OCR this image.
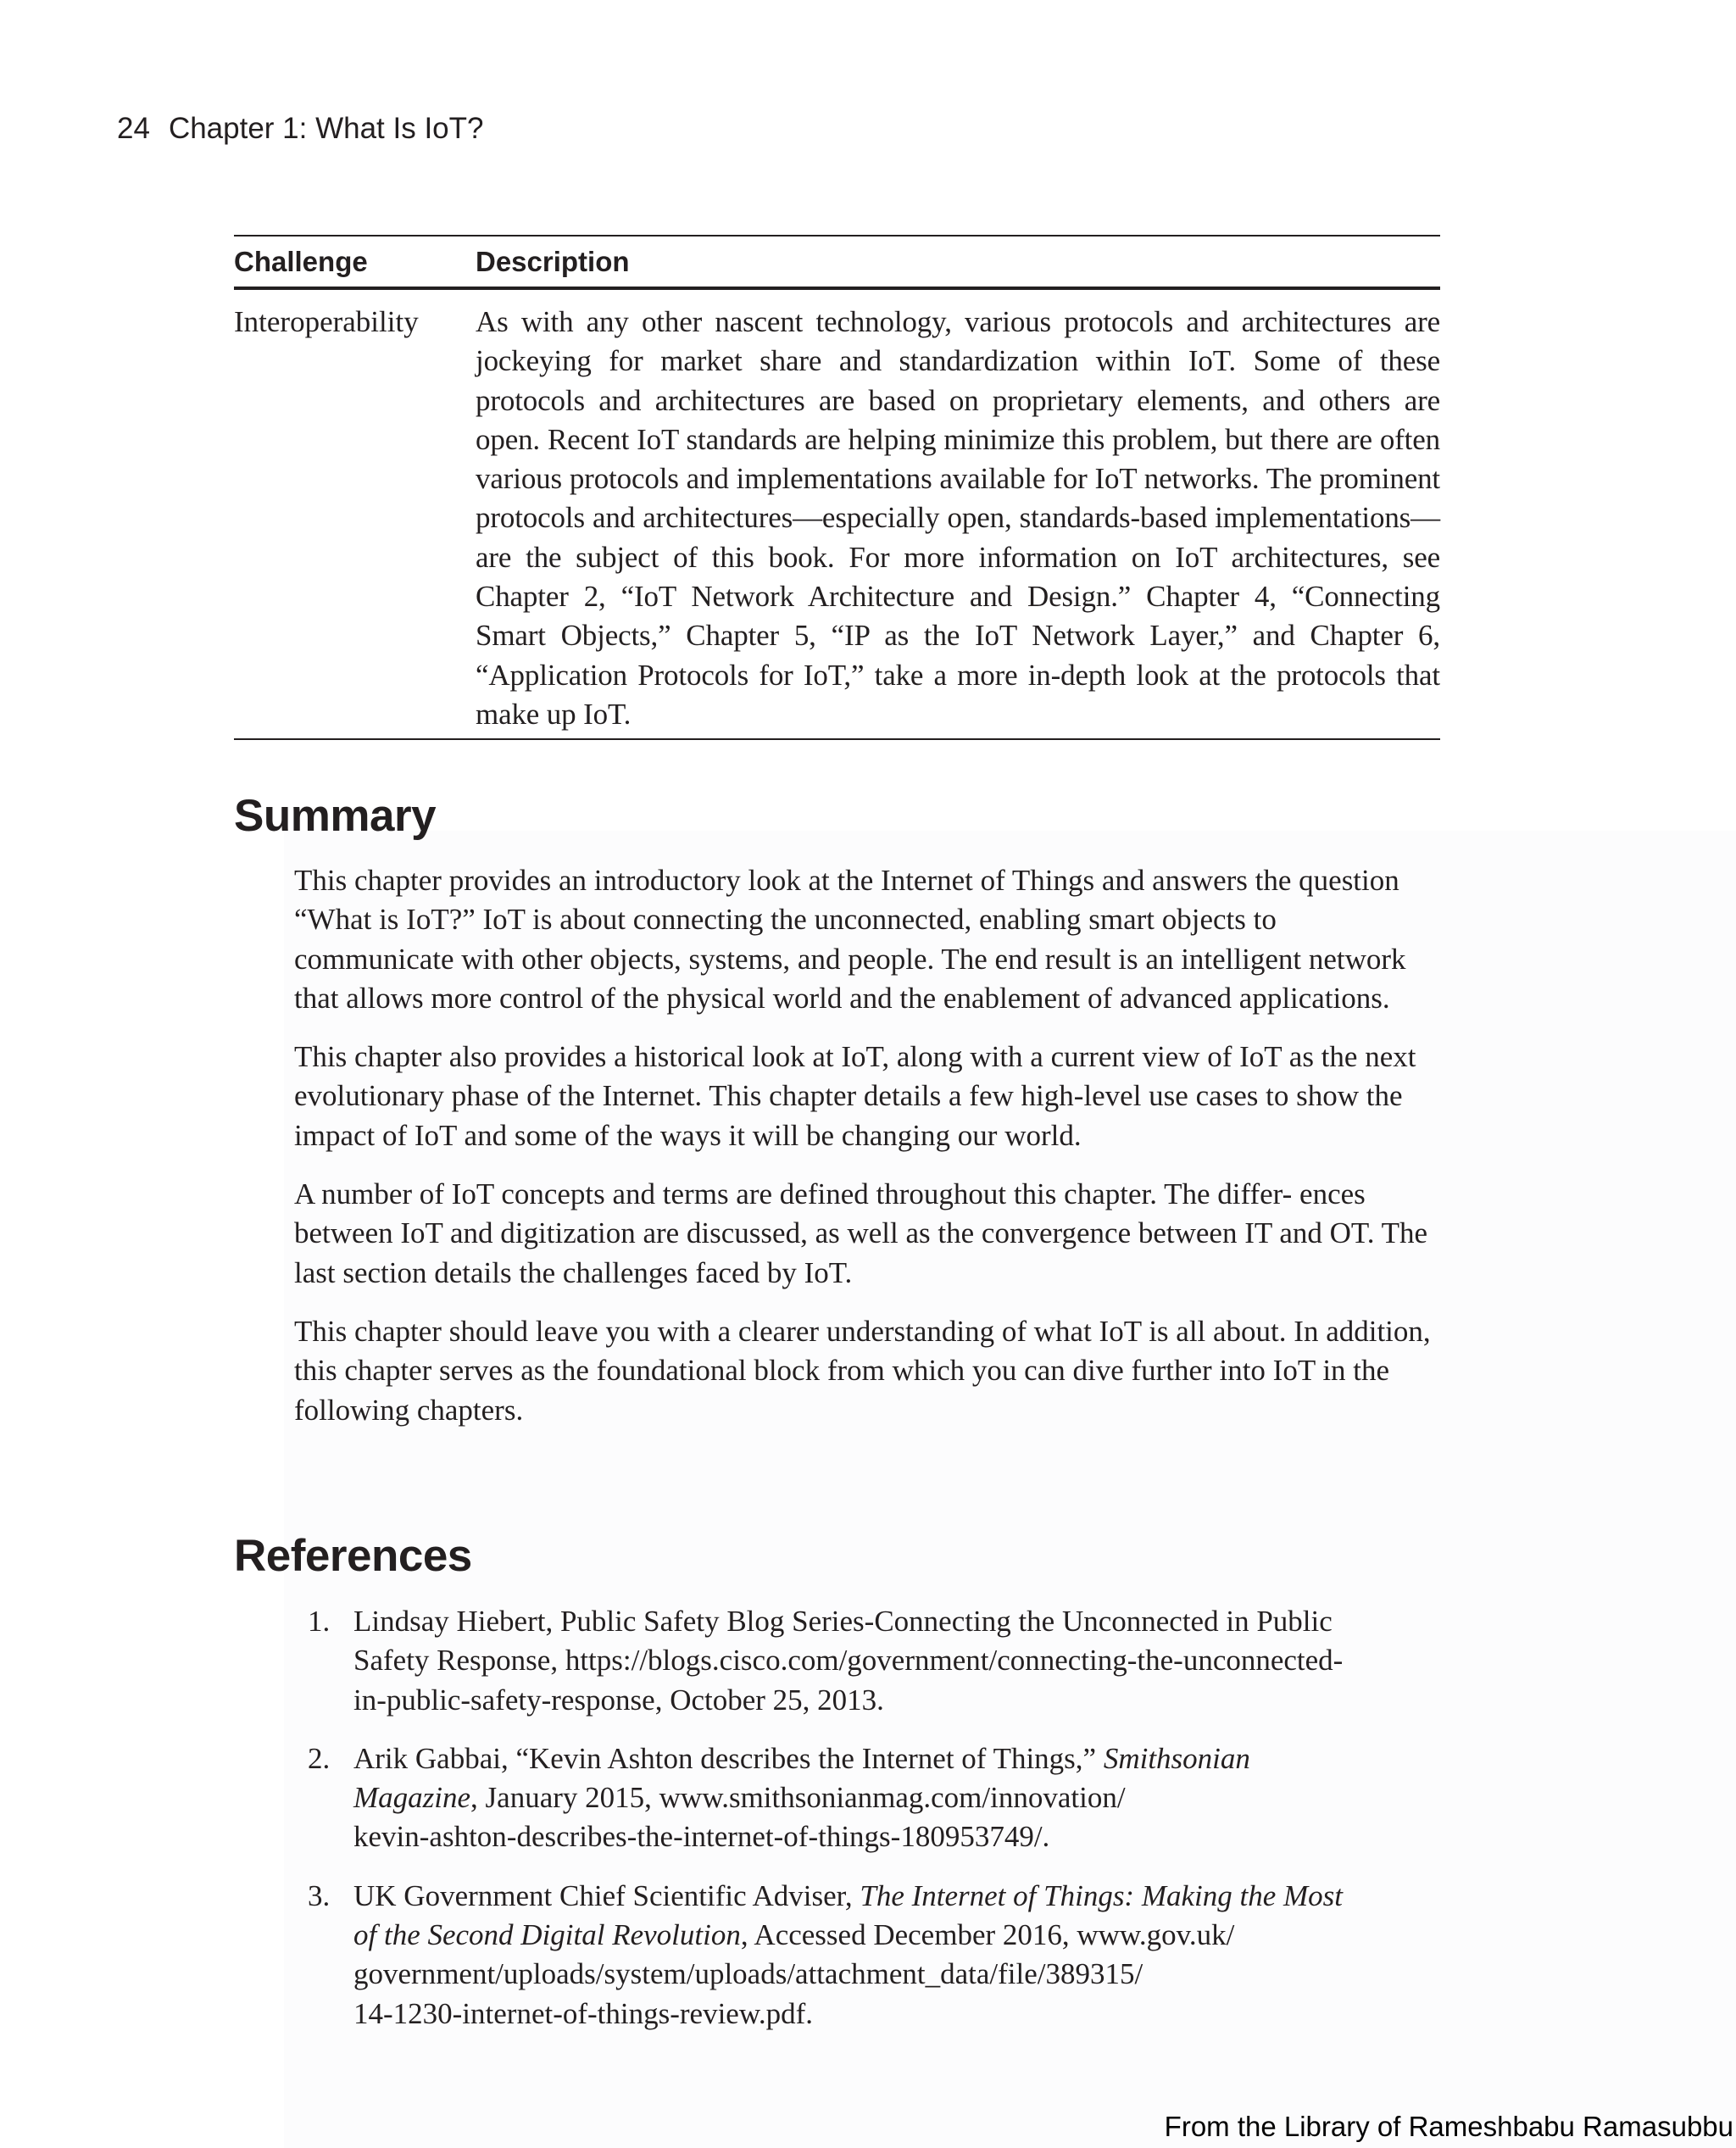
24 Chapter 1: What Is IoT?
Challenge	Description
Interoperability	As with any other nascent technology, various protocols and architectures are jockeying for market share and standardization within IoT. Some of these protocols and architectures are based on proprietary elements, and others are open. Recent IoT standards are helping minimize this problem, but there are often various protocols and implementations available for IoT networks. The prominent protocols and architectures—especially open, standards-based implementations—are the subject of this book. For more information on IoT architectures, see Chapter 2, “IoT Network Architecture and Design.” Chapter 4, “Connecting Smart Objects,” Chapter 5, “IP as the IoT Network Layer,” and Chapter 6, “Application Protocols for IoT,” take a more in-depth look at the protocols that make up IoT.
Summary

This chapter provides an introductory look at the Internet of Things and answers the question “What is IoT?” IoT is about connecting the unconnected, enabling smart objects to communicate with other objects, systems, and people. The end result is an intelligent network that allows more control of the physical world and the enablement of advanced applications.

This chapter also provides a historical look at IoT, along with a current view of IoT as the next evolutionary phase of the Internet. This chapter details a few high-level use cases to show the impact of IoT and some of the ways it will be changing our world.

A number of IoT concepts and terms are defined throughout this chapter. The differ- ences between IoT and digitization are discussed, as well as the convergence between IT and OT. The last section details the challenges faced by IoT.

This chapter should leave you with a clearer understanding of what IoT is all about. In addition, this chapter serves as the foundational block from which you can dive further into IoT in the following chapters.

References
1. Lindsay Hiebert, Public Safety Blog Series-Connecting the Unconnected in Public
Safety Response, https://blogs.cisco.com/government/connecting-the-unconnected-
in-public-safety-response, October 25, 2013.
2. Arik Gabbai, “Kevin Ashton describes the Internet of Things,” Smithsonian
Magazine, January 2015, www.smithsonianmag.com/innovation/
kevin-ashton-describes-the-internet-of-things-180953749/.
3. UK Government Chief Scientific Adviser, The Internet of Things: Making the Most
of the Second Digital Revolution, Accessed December 2016, www.gov.uk/
government/uploads/system/uploads/attachment_data/file/389315/
14-1230-internet-of-things-review.pdf.
From the Library of Rameshbabu Ramasubbu
